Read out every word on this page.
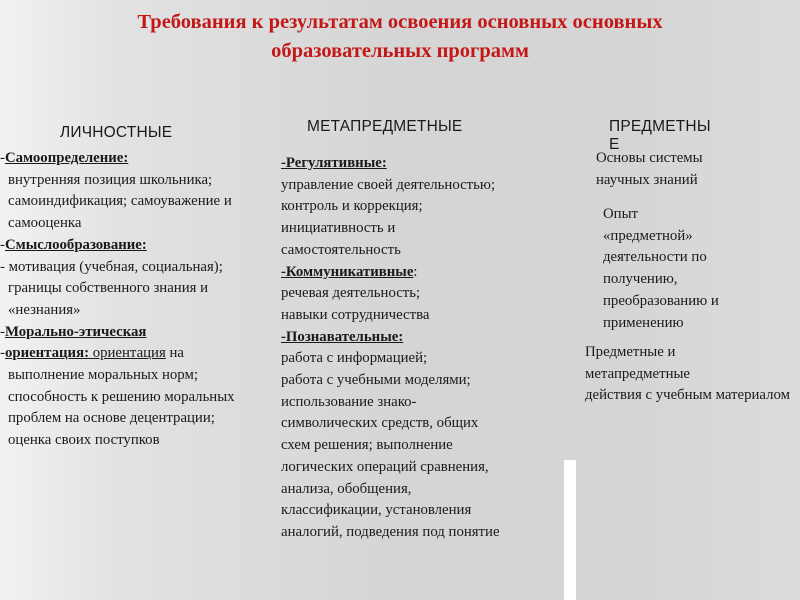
Требования к результатам освоения основных основных
образовательных программ
ЛИЧНОСТНЫЕ	МЕТАПРЕДМЕТНЫЕ	ПРЕДМЕТНЫ
Е
-Самоопределение:
внутренняя позиция школьника;
самоиндификация; самоуважение и
самооценка
-Смыслообразование:
- мотивация (учебная, социальная);
границы собственного знания и
«незнания»
-Морально-этическая
-ориентация: ориентация на
выполнение моральных норм;
способность к решению моральных
проблем на основе децентрации;
оценка своих поступков
-Регулятивные:
управление своей деятельностью;
контроль и коррекция;
инициативность и
самостоятельность
-Коммуникативные:
речевая деятельность;
навыки сотрудничества
-Познавательные:
работа с информацией;
работа с учебными моделями;
использование знако-
символических средств, общих
схем решения; выполнение
логических операций сравнения,
анализа, обобщения,
классификации, установления
аналогий, подведения под понятие
Основы системы
научных знаний
Опыт
«предметной»
деятельности по
получению,
преобразованию и
применению
Предметные и
метапредметные
действия с учебным материалом
